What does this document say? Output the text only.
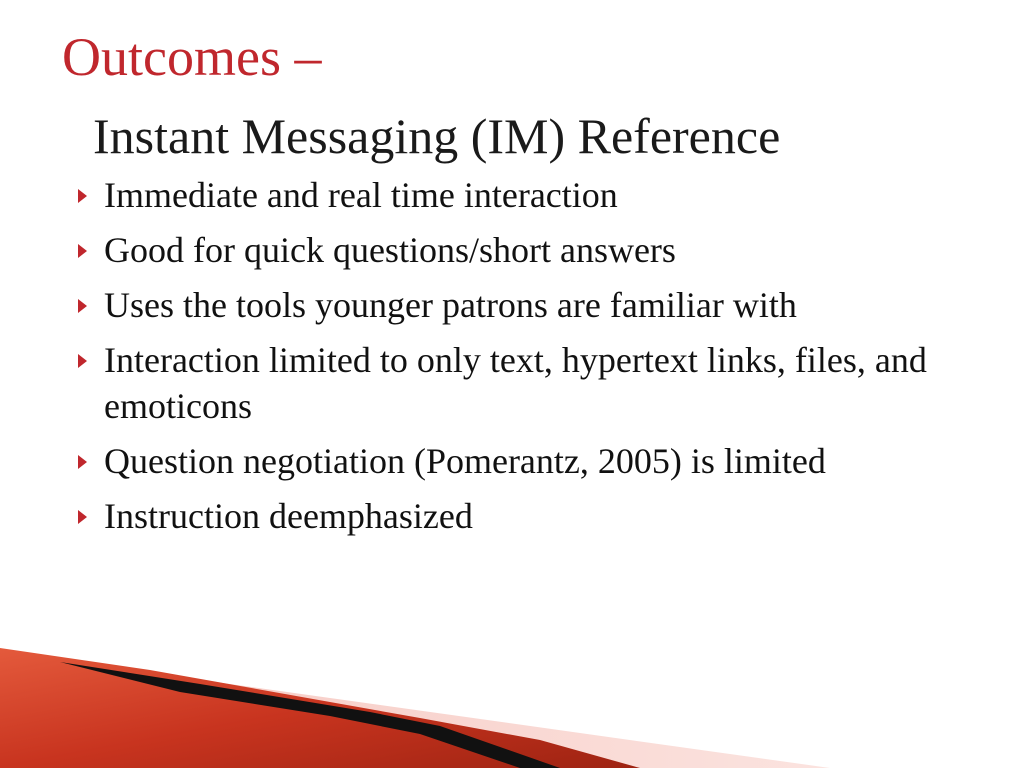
Outcomes –
Instant Messaging (IM) Reference
Immediate and real time interaction
Good for quick questions/short answers
Uses the tools younger patrons are familiar with
Interaction limited to only text, hypertext links, files, and emoticons
Question negotiation (Pomerantz, 2005) is limited
Instruction deemphasized
